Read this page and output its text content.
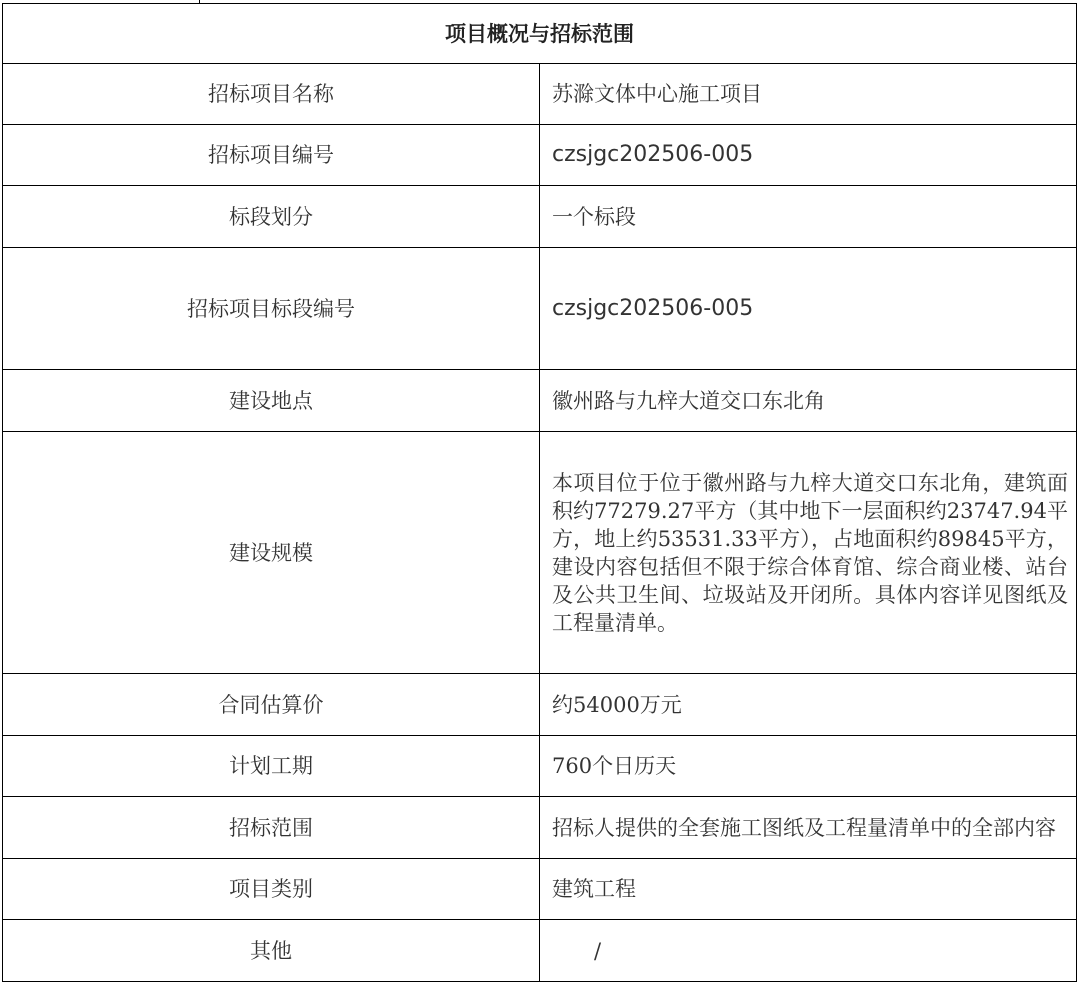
项目概况与招标范围	
招标项目名称	苏滁文体中心施工项目
招标项目编号	czsjgc202506-005
标段划分	一个标段
招标项目标段编号	czsjgc202506-005
建设地点	徽州路与九梓大道交口东北角
建设规模	本项目位于位于徽州路与九梓大道交口东北角，建筑面积约77279.27平方（其中地下一层面积约23747.94平方，地上约53531.33平方），占地面积约89845平方，建设内容包括但不限于综合体育馆、综合商业楼、站台及公共卫生间、垃圾站及开闭所。具体内容详见图纸及工程量清单。
合同估算价	约54000万元
计划工期	760个日历天
招标范围	招标人提供的全套施工图纸及工程量清单中的全部内容
项目类别	建筑工程
其他	/
